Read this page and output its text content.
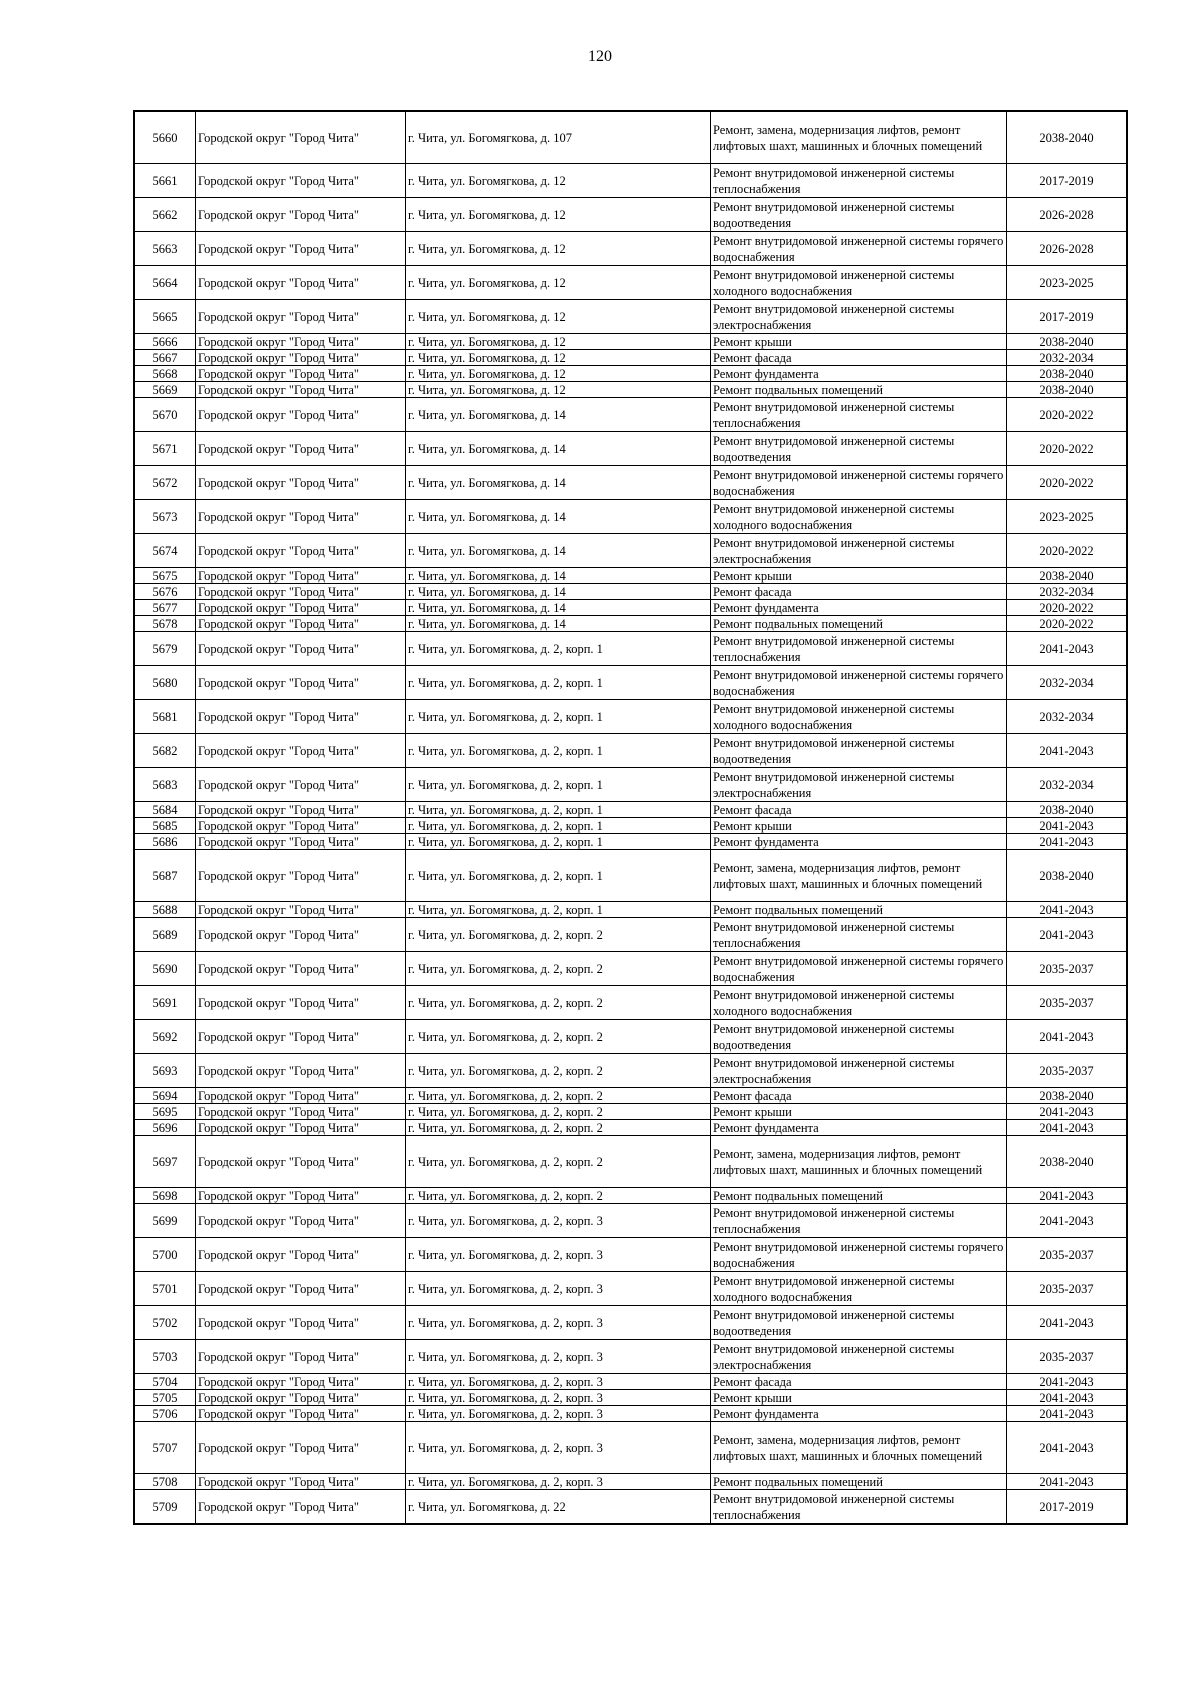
120
5660	Городской округ "Город Чита"	г. Чита, ул. Богомягкова, д. 107	Ремонт, замена, модернизация лифтов, ремонт лифтовых шахт, машинных и блочных помещений	2038-2040
5661	Городской округ "Город Чита"	г. Чита, ул. Богомягкова, д. 12	Ремонт внутридомовой инженерной системы теплоснабжения	2017-2019
5662	Городской округ "Город Чита"	г. Чита, ул. Богомягкова, д. 12	Ремонт внутридомовой инженерной системы водоотведения	2026-2028
5663	Городской округ "Город Чита"	г. Чита, ул. Богомягкова, д. 12	Ремонт внутридомовой инженерной системы горячего водоснабжения	2026-2028
5664	Городской округ "Город Чита"	г. Чита, ул. Богомягкова, д. 12	Ремонт внутридомовой инженерной системы холодного водоснабжения	2023-2025
5665	Городской округ "Город Чита"	г. Чита, ул. Богомягкова, д. 12	Ремонт внутридомовой инженерной системы электроснабжения	2017-2019
5666	Городской округ "Город Чита"	г. Чита, ул. Богомягкова, д. 12	Ремонт крыши	2038-2040
5667	Городской округ "Город Чита"	г. Чита, ул. Богомягкова, д. 12	Ремонт фасада	2032-2034
5668	Городской округ "Город Чита"	г. Чита, ул. Богомягкова, д. 12	Ремонт фундамента	2038-2040
5669	Городской округ "Город Чита"	г. Чита, ул. Богомягкова, д. 12	Ремонт подвальных помещений	2038-2040
5670	Городской округ "Город Чита"	г. Чита, ул. Богомягкова, д. 14	Ремонт внутридомовой инженерной системы теплоснабжения	2020-2022
5671	Городской округ "Город Чита"	г. Чита, ул. Богомягкова, д. 14	Ремонт внутридомовой инженерной системы водоотведения	2020-2022
5672	Городской округ "Город Чита"	г. Чита, ул. Богомягкова, д. 14	Ремонт внутридомовой инженерной системы горячего водоснабжения	2020-2022
5673	Городской округ "Город Чита"	г. Чита, ул. Богомягкова, д. 14	Ремонт внутридомовой инженерной системы холодного водоснабжения	2023-2025
5674	Городской округ "Город Чита"	г. Чита, ул. Богомягкова, д. 14	Ремонт внутридомовой инженерной системы электроснабжения	2020-2022
5675	Городской округ "Город Чита"	г. Чита, ул. Богомягкова, д. 14	Ремонт крыши	2038-2040
5676	Городской округ "Город Чита"	г. Чита, ул. Богомягкова, д. 14	Ремонт фасада	2032-2034
5677	Городской округ "Город Чита"	г. Чита, ул. Богомягкова, д. 14	Ремонт фундамента	2020-2022
5678	Городской округ "Город Чита"	г. Чита, ул. Богомягкова, д. 14	Ремонт подвальных помещений	2020-2022
5679	Городской округ "Город Чита"	г. Чита, ул. Богомягкова, д. 2, корп. 1	Ремонт внутридомовой инженерной системы теплоснабжения	2041-2043
5680	Городской округ "Город Чита"	г. Чита, ул. Богомягкова, д. 2, корп. 1	Ремонт внутридомовой инженерной системы горячего водоснабжения	2032-2034
5681	Городской округ "Город Чита"	г. Чита, ул. Богомягкова, д. 2, корп. 1	Ремонт внутридомовой инженерной системы холодного водоснабжения	2032-2034
5682	Городской округ "Город Чита"	г. Чита, ул. Богомягкова, д. 2, корп. 1	Ремонт внутридомовой инженерной системы водоотведения	2041-2043
5683	Городской округ "Город Чита"	г. Чита, ул. Богомягкова, д. 2, корп. 1	Ремонт внутридомовой инженерной системы электроснабжения	2032-2034
5684	Городской округ "Город Чита"	г. Чита, ул. Богомягкова, д. 2, корп. 1	Ремонт фасада	2038-2040
5685	Городской округ "Город Чита"	г. Чита, ул. Богомягкова, д. 2, корп. 1	Ремонт крыши	2041-2043
5686	Городской округ "Город Чита"	г. Чита, ул. Богомягкова, д. 2, корп. 1	Ремонт фундамента	2041-2043
5687	Городской округ "Город Чита"	г. Чита, ул. Богомягкова, д. 2, корп. 1	Ремонт, замена, модернизация лифтов, ремонт лифтовых шахт, машинных и блочных помещений	2038-2040
5688	Городской округ "Город Чита"	г. Чита, ул. Богомягкова, д. 2, корп. 1	Ремонт подвальных помещений	2041-2043
5689	Городской округ "Город Чита"	г. Чита, ул. Богомягкова, д. 2, корп. 2	Ремонт внутридомовой инженерной системы теплоснабжения	2041-2043
5690	Городской округ "Город Чита"	г. Чита, ул. Богомягкова, д. 2, корп. 2	Ремонт внутридомовой инженерной системы горячего водоснабжения	2035-2037
5691	Городской округ "Город Чита"	г. Чита, ул. Богомягкова, д. 2, корп. 2	Ремонт внутридомовой инженерной системы холодного водоснабжения	2035-2037
5692	Городской округ "Город Чита"	г. Чита, ул. Богомягкова, д. 2, корп. 2	Ремонт внутридомовой инженерной системы водоотведения	2041-2043
5693	Городской округ "Город Чита"	г. Чита, ул. Богомягкова, д. 2, корп. 2	Ремонт внутридомовой инженерной системы электроснабжения	2035-2037
5694	Городской округ "Город Чита"	г. Чита, ул. Богомягкова, д. 2, корп. 2	Ремонт фасада	2038-2040
5695	Городской округ "Город Чита"	г. Чита, ул. Богомягкова, д. 2, корп. 2	Ремонт крыши	2041-2043
5696	Городской округ "Город Чита"	г. Чита, ул. Богомягкова, д. 2, корп. 2	Ремонт фундамента	2041-2043
5697	Городской округ "Город Чита"	г. Чита, ул. Богомягкова, д. 2, корп. 2	Ремонт, замена, модернизация лифтов, ремонт лифтовых шахт, машинных и блочных помещений	2038-2040
5698	Городской округ "Город Чита"	г. Чита, ул. Богомягкова, д. 2, корп. 2	Ремонт подвальных помещений	2041-2043
5699	Городской округ "Город Чита"	г. Чита, ул. Богомягкова, д. 2, корп. 3	Ремонт внутридомовой инженерной системы теплоснабжения	2041-2043
5700	Городской округ "Город Чита"	г. Чита, ул. Богомягкова, д. 2, корп. 3	Ремонт внутридомовой инженерной системы горячего водоснабжения	2035-2037
5701	Городской округ "Город Чита"	г. Чита, ул. Богомягкова, д. 2, корп. 3	Ремонт внутридомовой инженерной системы холодного водоснабжения	2035-2037
5702	Городской округ "Город Чита"	г. Чита, ул. Богомягкова, д. 2, корп. 3	Ремонт внутридомовой инженерной системы водоотведения	2041-2043
5703	Городской округ "Город Чита"	г. Чита, ул. Богомягкова, д. 2, корп. 3	Ремонт внутридомовой инженерной системы электроснабжения	2035-2037
5704	Городской округ "Город Чита"	г. Чита, ул. Богомягкова, д. 2, корп. 3	Ремонт фасада	2041-2043
5705	Городской округ "Город Чита"	г. Чита, ул. Богомягкова, д. 2, корп. 3	Ремонт крыши	2041-2043
5706	Городской округ "Город Чита"	г. Чита, ул. Богомягкова, д. 2, корп. 3	Ремонт фундамента	2041-2043
5707	Городской округ "Город Чита"	г. Чита, ул. Богомягкова, д. 2, корп. 3	Ремонт, замена, модернизация лифтов, ремонт лифтовых шахт, машинных и блочных помещений	2041-2043
5708	Городской округ "Город Чита"	г. Чита, ул. Богомягкова, д. 2, корп. 3	Ремонт подвальных помещений	2041-2043
5709	Городской округ "Город Чита"	г. Чита, ул. Богомягкова, д. 22	Ремонт внутридомовой инженерной системы теплоснабжения	2017-2019
